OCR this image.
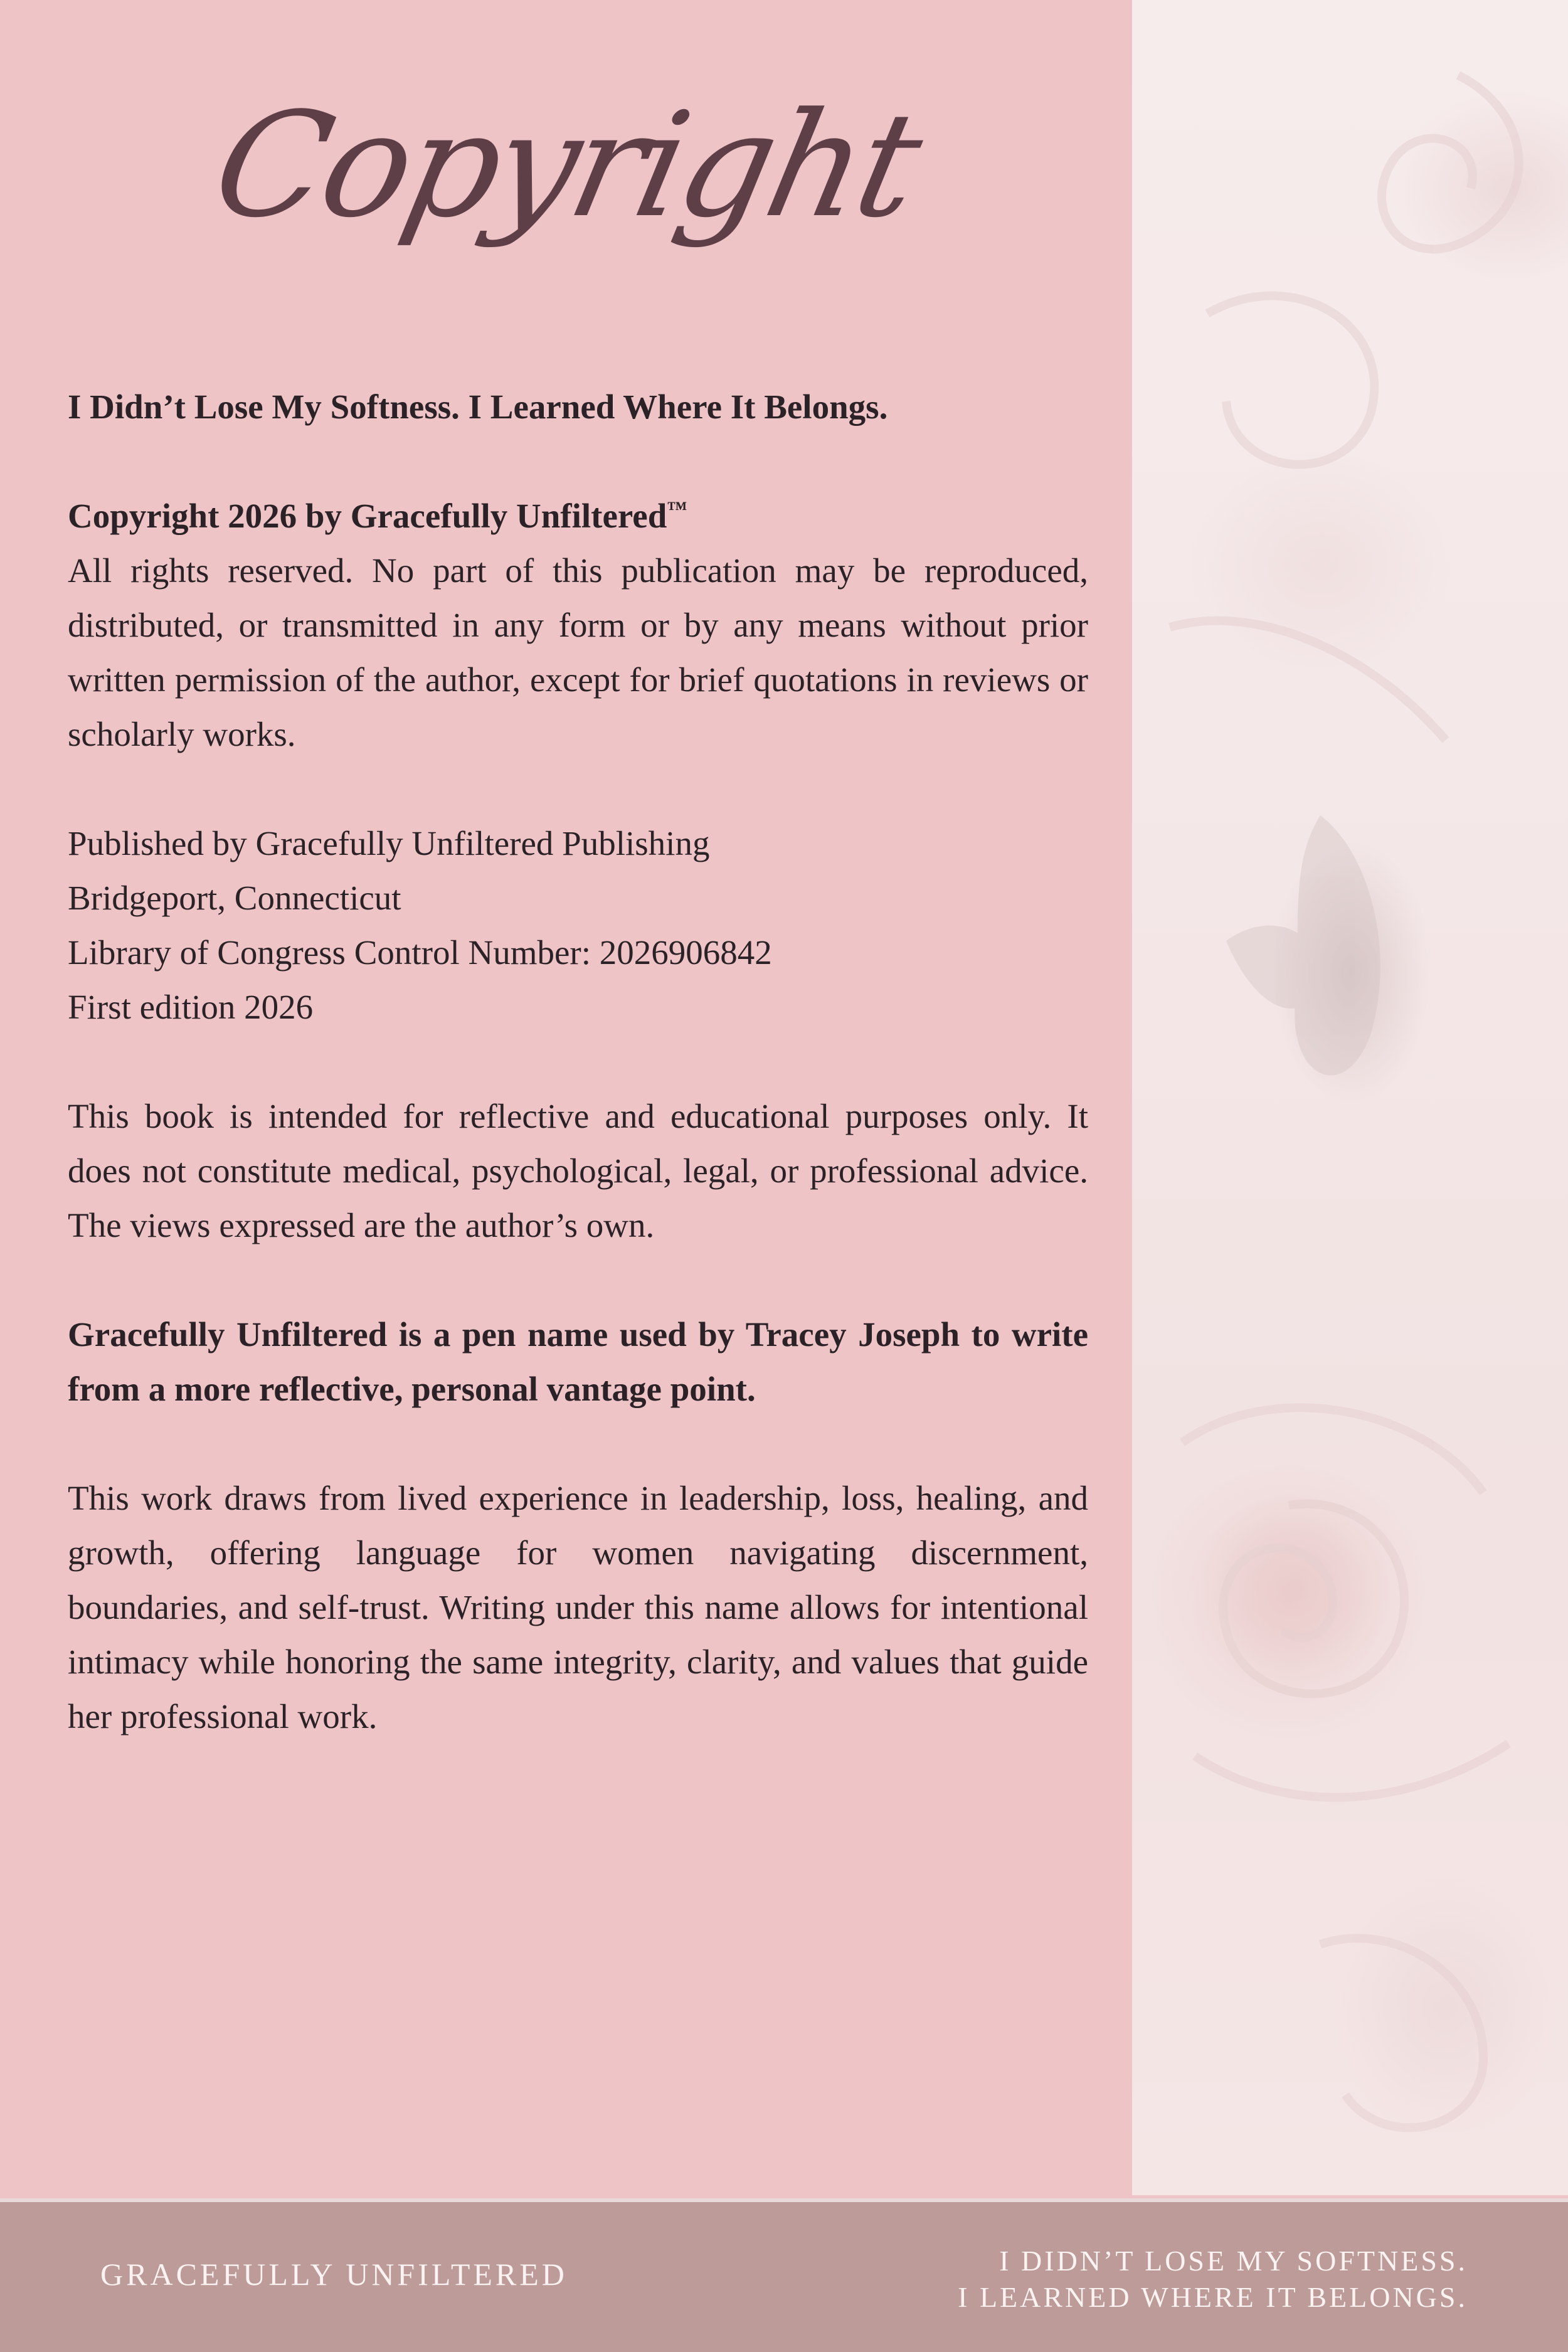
Copyright

I Didn’t Lose My Softness. I Learned Where It Belongs.

Copyright 2026 by Gracefully Unfiltered™

All rights reserved. No part of this publication may be reproduced, distributed, or transmitted in any form or by any means without prior written permission of the author, except for brief quotations in reviews or scholarly works.

Published by Gracefully Unfiltered Publishing

Bridgeport, Connecticut

Library of Congress Control Number: 2026906842

First edition 2026

This book is intended for reflective and educational purposes only. It does not constitute medical, psychological, legal, or professional advice. The views expressed are the author’s own.

Gracefully Unfiltered is a pen name used by Tracey Joseph to write from a more reflective, personal vantage point.

This work draws from lived experience in leadership, loss, healing, and growth, offering language for women navigating discernment, boundaries, and self-trust. Writing under this name allows for intentional intimacy while honoring the same integrity, clarity, and values that guide her professional work.

GRACEFULLY UNFILTERED	I DIDN’T LOSE MY SOFTNESS.
I LEARNED WHERE IT BELONGS.
